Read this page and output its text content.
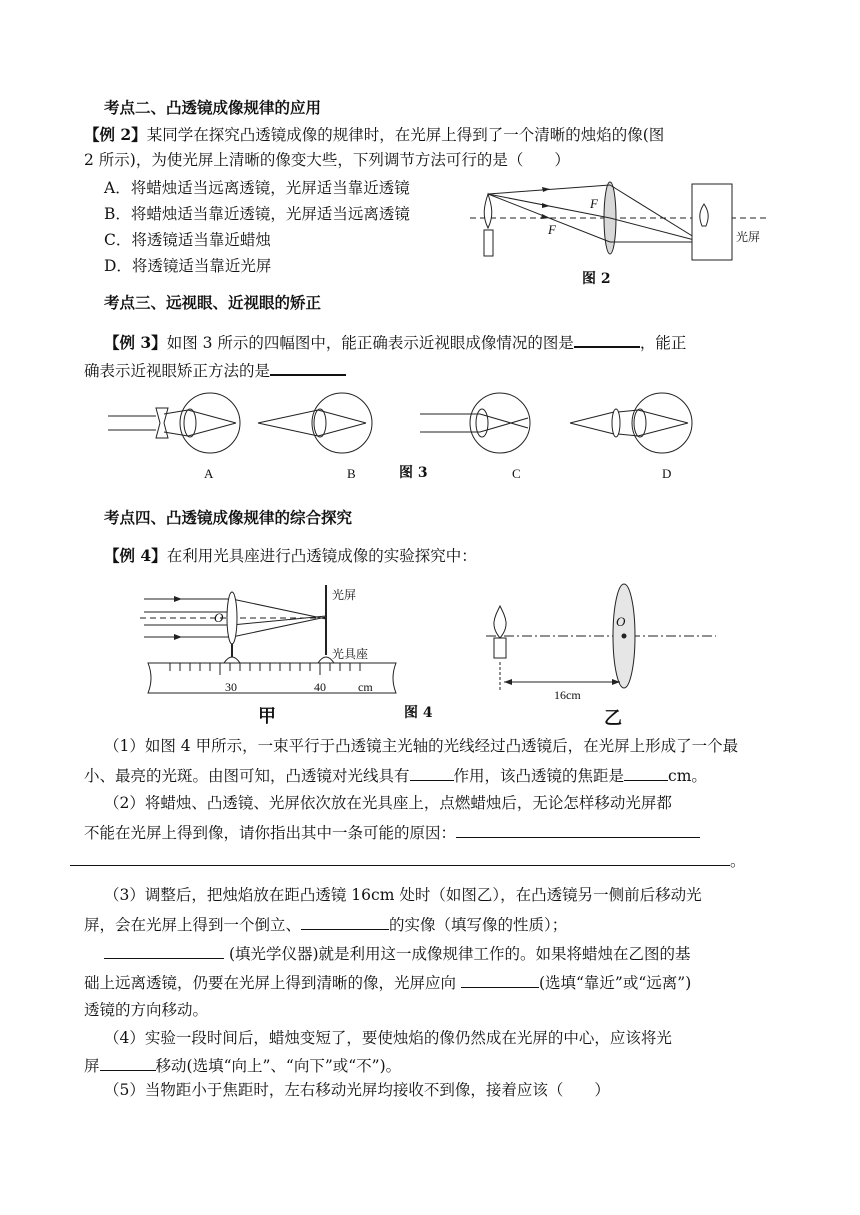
考点二、凸透镜成像规律的应用
【例 2】某同学在探究凸透镜成像的规律时，在光屏上得到了一个清晰的烛焰的像(图
2 所示)，为使光屏上清晰的像变大些，下列调节方法可行的是（　　）
A．将蜡烛适当远离透镜，光屏适当靠近透镜
B．将蜡烛适当靠近透镜，光屏适当远离透镜
C．将透镜适当靠近蜡烛
D．将透镜适当靠近光屏
F
F	光屏
图 2
考点三、远视眼、近视眼的矫正
【例 3】如图 3 所示的四幅图中，能正确表示近视眼成像情况的图是	，能正
确表示近视眼矫正方法的是
A	B	图 3	C	D
考点四、凸透镜成像规律的综合探究
【例 4】在利用光具座进行凸透镜成像的实验探究中：
光屏
O
光具座
30	40	cm
甲	图 4
O
16cm
乙
（1）如图 4 甲所示，一束平行于凸透镜主光轴的光线经过凸透镜后，在光屏上形成了一个最
小、最亮的光斑。由图可知，凸透镜对光线具有	作用，该凸透镜的焦距是	cm。
（2）将蜡烛、凸透镜、光屏依次放在光具座上，点燃蜡烛后，无论怎样移动光屏都
不能在光屏上得到像，请你指出其中一条可能的原因：
。
（3）调整后，把烛焰放在距凸透镜 16cm 处时（如图乙），在凸透镜另一侧前后移动光
屏，会在光屏上得到一个倒立、	的实像（填写像的性质）；
(填光学仪器)就是利用这一成像规律工作的。如果将蜡烛在乙图的基
础上远离透镜，仍要在光屏上得到清晰的像，光屏应向	(选填“靠近”或“远离”)
透镜的方向移动。
（4）实验一段时间后，蜡烛变短了，要使烛焰的像仍然成在光屏的中心，应该将光
屏	移动(选填“向上”、“向下”或“不”)。
（5）当物距小于焦距时，左右移动光屏均接收不到像，接着应该（　　）
